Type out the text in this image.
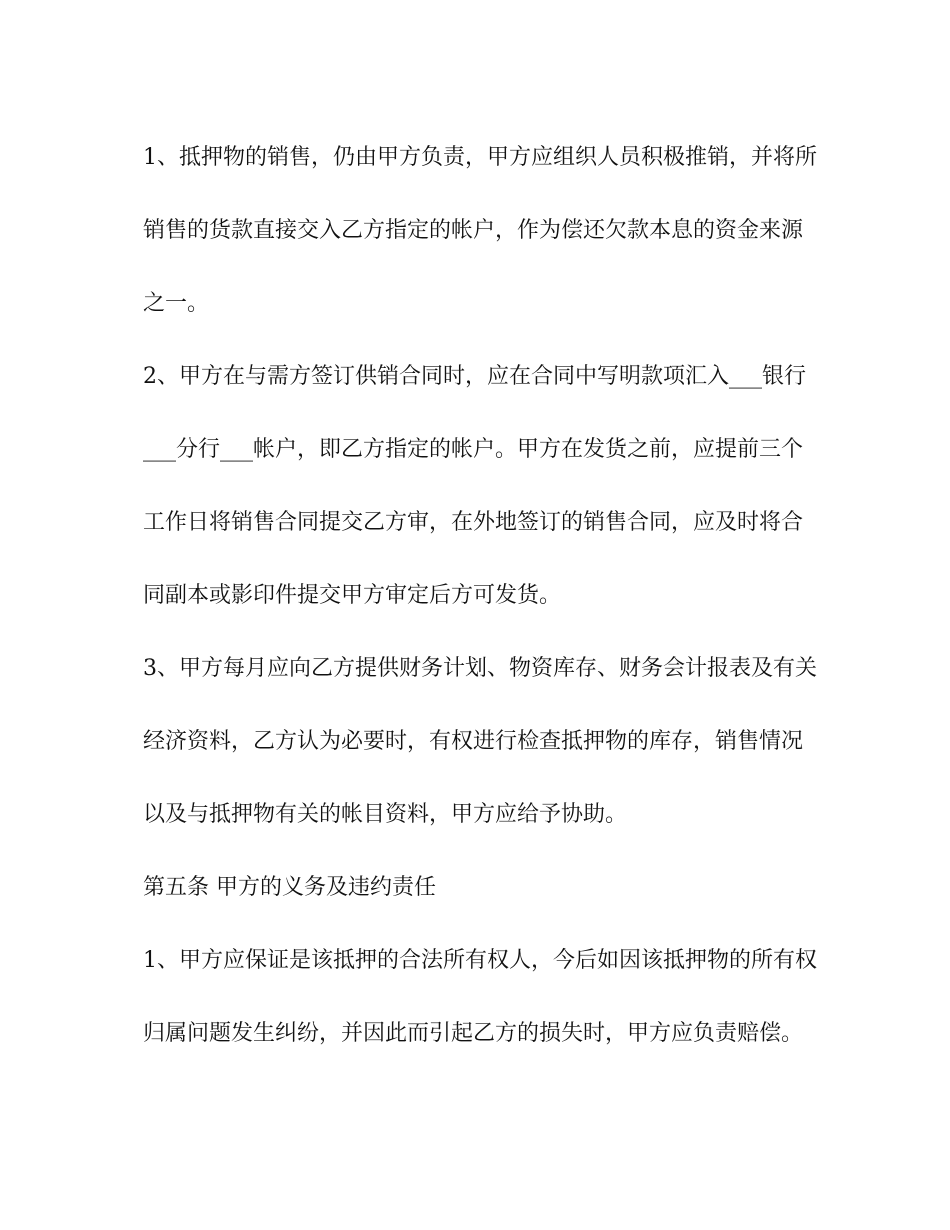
1、抵押物的销售，仍由甲方负责，甲方应组织人员积极推销，并将所
销售的货款直接交入乙方指定的帐户，作为偿还欠款本息的资金来源
之一。
2、甲方在与需方签订供销合同时，应在合同中写明款项汇入___银行
___分行___帐户，即乙方指定的帐户。甲方在发货之前，应提前三个
工作日将销售合同提交乙方审，在外地签订的销售合同，应及时将合
同副本或影印件提交甲方审定后方可发货。
3、甲方每月应向乙方提供财务计划、物资库存、财务会计报表及有关
经济资料，乙方认为必要时，有权进行检查抵押物的库存，销售情况
以及与抵押物有关的帐目资料，甲方应给予协助。
第五条 甲方的义务及违约责任
1、甲方应保证是该抵押的合法所有权人，今后如因该抵押物的所有权
归属问题发生纠纷，并因此而引起乙方的损失时，甲方应负责赔偿。
